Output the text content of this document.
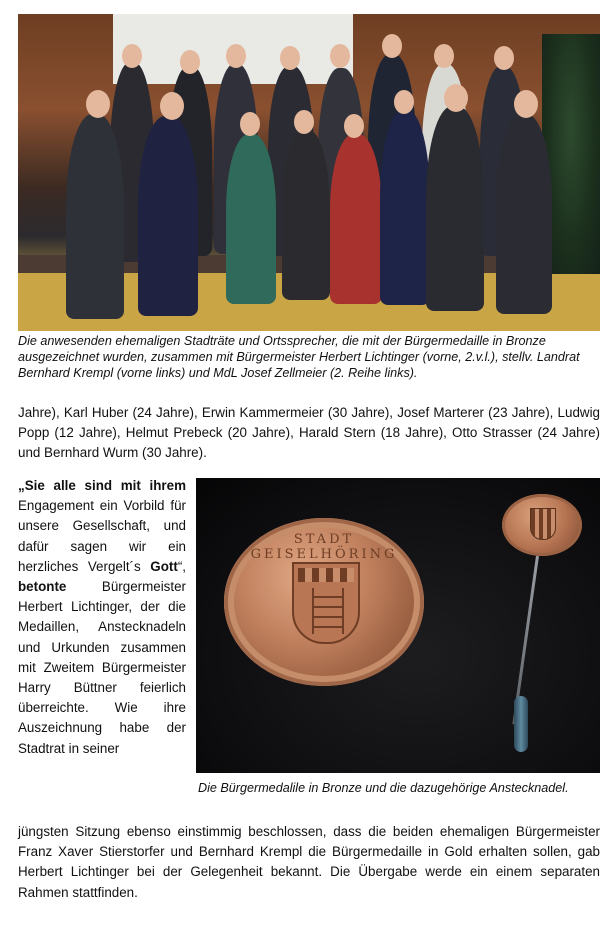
Die anwesenden ehemaligen Stadträte und Ortssprecher, die mit der Bürgermedaille in Bronze ausgezeichnet wurden, zusammen mit Bürgermeister Herbert Lichtinger (vorne, 2.v.l.), stellv. Landrat Bernhard Krempl (vorne links) und MdL Josef Zellmeier (2. Reihe links).
Jahre), Karl Huber (24 Jahre), Erwin Kammermeier (30 Jahre), Josef Marterer (23 Jahre), Ludwig Popp (12 Jahre), Helmut Prebeck (20 Jahre), Harald Stern (18 Jahre), Otto Strasser (24 Jahre) und Bernhard Wurm (30 Jahre).
„Sie alle sind mit ihrem Engagement ein Vorbild für unsere Gesellschaft, und dafür sagen wir ein herzliches Vergelt´s Gott“, betonte Bürgermeister Herbert Lichtinger, der die Medaillen, Anstecknadeln und Urkunden zusammen mit Zweitem Bürgermeister Harry Büttner feierlich überreichte. Wie ihre Auszeichnung habe der Stadtrat in seiner
STADT GEISELHÖRING
Die Bürgermedalile in Bronze und die dazugehörige Anstecknadel.
jüngsten Sitzung ebenso einstimmig beschlossen, dass die beiden ehemaligen Bürgermeister Franz Xaver Stierstorfer und Bernhard Krempl die Bürgermedaille in Gold erhalten sollen, gab Herbert Lichtinger bei der Gelegenheit bekannt. Die Übergabe werde ein einem separaten Rahmen stattfinden.
